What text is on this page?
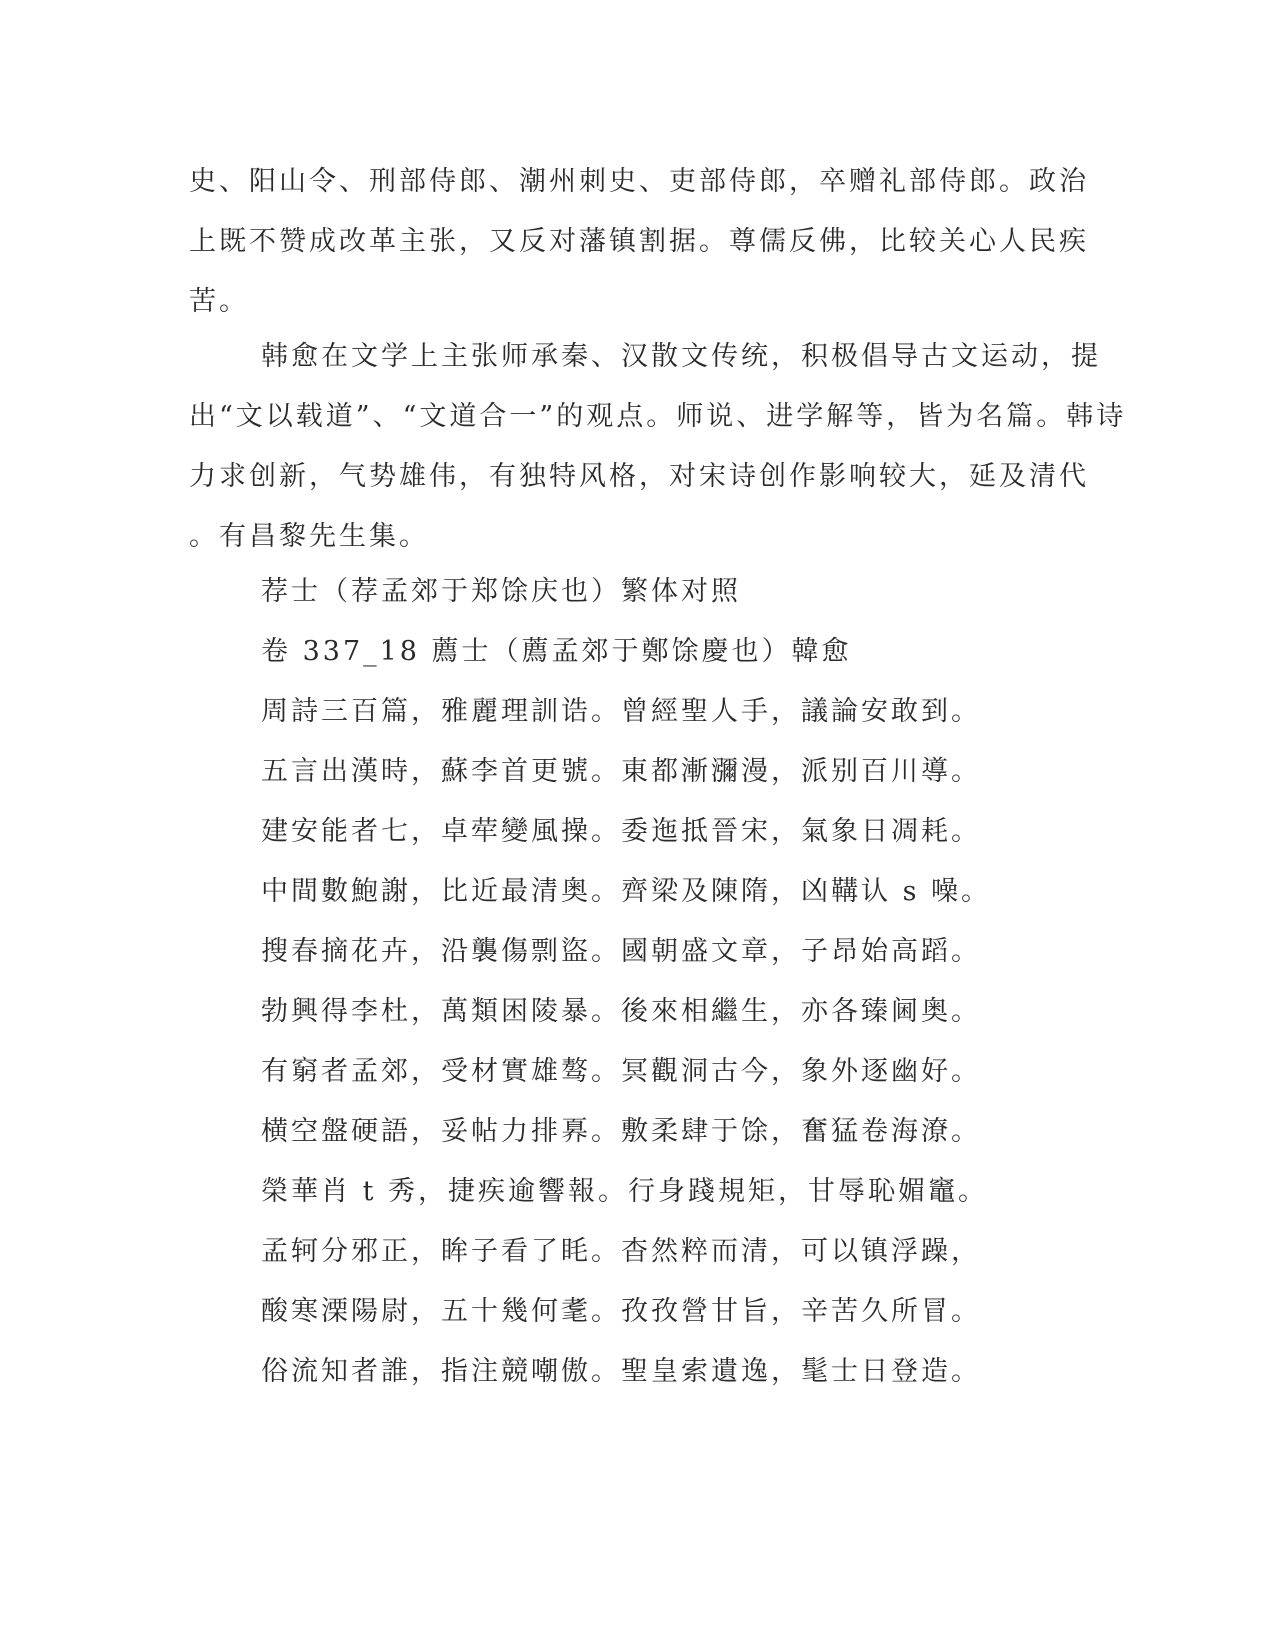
史、阳山令、刑部侍郎、潮州刺史、吏部侍郎，卒赠礼部侍郎。政治
上既不赞成改革主张，又反对藩镇割据。尊儒反佛，比较关心人民疾
苦。
韩愈在文学上主张师承秦、汉散文传统，积极倡导古文运动，提
出“文以载道”、“文道合一”的观点。师说、进学解等，皆为名篇。韩诗
力求创新，气势雄伟，有独特风格，对宋诗创作影响较大，延及清代
。有昌黎先生集。
荐士（荐孟郊于郑馀庆也）繁体对照
卷 337_18 薦士（薦孟郊于鄭馀慶也）韓愈
周詩三百篇，雅麗理訓诰。曾經聖人手，議論安敢到。
五言出漢時，蘇李首更號。東都漸瀰漫，派别百川導。
建安能者七，卓荦變風操。委迤抵晉宋，氣象日凋耗。
中間數鮑謝，比近最清奥。齊梁及陳隋，凶鞲认 s 噪。
搜春摘花卉，沿襲傷剽盜。國朝盛文章，子昂始高蹈。
勃興得李杜，萬類困陵暴。後來相繼生，亦各臻阃奥。
有窮者孟郊，受材實雄骜。冥觀洞古今，象外逐幽好。
横空盤硬語，妥帖力排奡。敷柔肆于馀，奮猛卷海潦。
榮華肖 t 秀，捷疾逾響報。行身踐規矩，甘辱恥媚竈。
孟轲分邪正，眸子看了眊。杳然粹而清，可以镇浮躁，
酸寒溧陽尉，五十幾何耄。孜孜營甘旨，辛苦久所冒。
俗流知者誰，指注競嘲傲。聖皇索遺逸，髦士日登造。
